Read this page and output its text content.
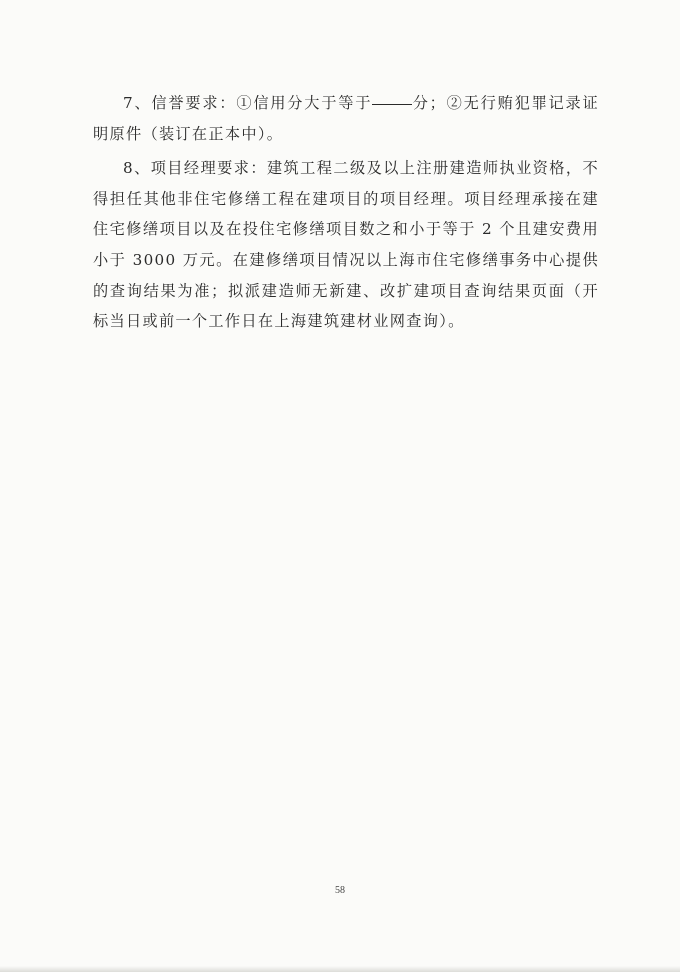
7、信誉要求：①信用分大于等于	分；②无行贿犯罪记录证明原件（装订在正本中）。

8、项目经理要求：建筑工程二级及以上注册建造师执业资格，不得担任其他非住宅修缮工程在建项目的项目经理。项目经理承接在建住宅修缮项目以及在投住宅修缮项目数之和小于等于 2 个且建安费用小于 3000 万元。在建修缮项目情况以上海市住宅修缮事务中心提供的查询结果为准；拟派建造师无新建、改扩建项目查询结果页面（开标当日或前一个工作日在上海建筑建材业网查询）。

58
